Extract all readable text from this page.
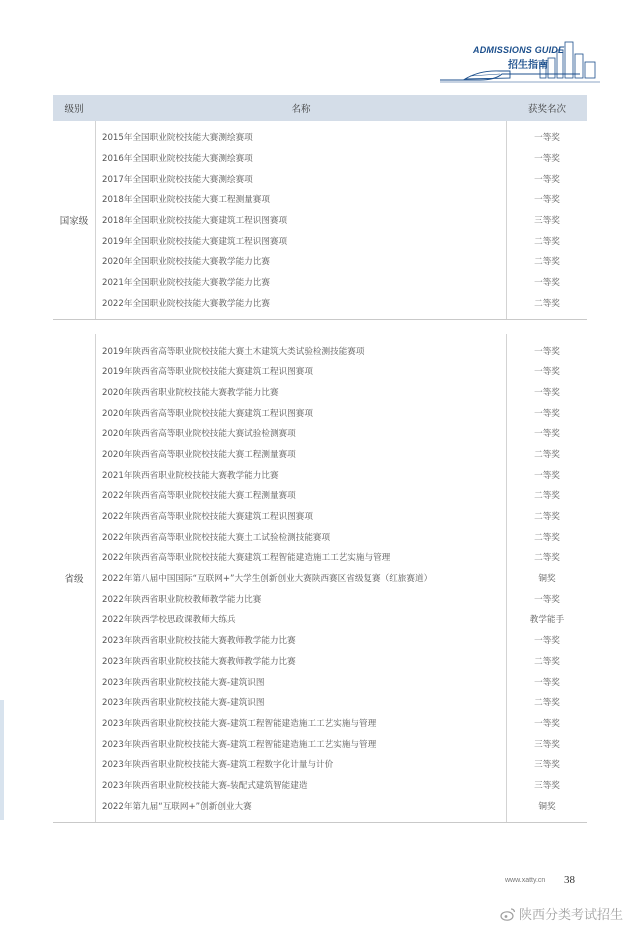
ADMISSIONS GUIDE
招生指南
级别	名称	获奖名次
国家级
2015年全国职业院校技能大赛测绘赛项
2016年全国职业院校技能大赛测绘赛项
2017年全国职业院校技能大赛测绘赛项
2018年全国职业院校技能大赛工程测量赛项
2018年全国职业院校技能大赛建筑工程识图赛项
2019年全国职业院校技能大赛建筑工程识图赛项
2020年全国职业院校技能大赛教学能力比赛
2021年全国职业院校技能大赛教学能力比赛
2022年全国职业院校技能大赛教学能力比赛
一等奖
一等奖
一等奖
一等奖
三等奖
二等奖
二等奖
一等奖
二等奖
省级
2019年陕西省高等职业院校技能大赛土木建筑大类试验检测技能赛项
2019年陕西省高等职业院校技能大赛建筑工程识图赛项
2020年陕西省职业院校技能大赛教学能力比赛
2020年陕西省高等职业院校技能大赛建筑工程识图赛项
2020年陕西省高等职业院校技能大赛试验检测赛项
2020年陕西省高等职业院校技能大赛工程测量赛项
2021年陕西省职业院校技能大赛教学能力比赛
2022年陕西省高等职业院校技能大赛工程测量赛项
2022年陕西省高等职业院校技能大赛建筑工程识图赛项
2022年陕西省高等职业院校技能大赛土工试验检测技能赛项
2022年陕西省高等职业院校技能大赛建筑工程智能建造施工工艺实施与管理
2022年第八届中国国际“互联网+”大学生创新创业大赛陕西赛区省级复赛（红旅赛道）
2022年陕西省职业院校教师教学能力比赛
2022年陕西学校思政课教师大练兵
2023年陕西省职业院校技能大赛教师教学能力比赛
2023年陕西省职业院校技能大赛教师教学能力比赛
2023年陕西省职业院校技能大赛-建筑识图
2023年陕西省职业院校技能大赛-建筑识图
2023年陕西省职业院校技能大赛-建筑工程智能建造施工工艺实施与管理
2023年陕西省职业院校技能大赛-建筑工程智能建造施工工艺实施与管理
2023年陕西省职业院校技能大赛-建筑工程数字化计量与计价
2023年陕西省职业院校技能大赛-装配式建筑智能建造
2022年第九届“互联网+”创新创业大赛
一等奖
一等奖
一等奖
一等奖
一等奖
二等奖
一等奖
二等奖
二等奖
二等奖
二等奖
铜奖
一等奖
教学能手
一等奖
二等奖
一等奖
二等奖
一等奖
三等奖
三等奖
三等奖
铜奖
www.xatty.cn 38
陕西分类考试招生
